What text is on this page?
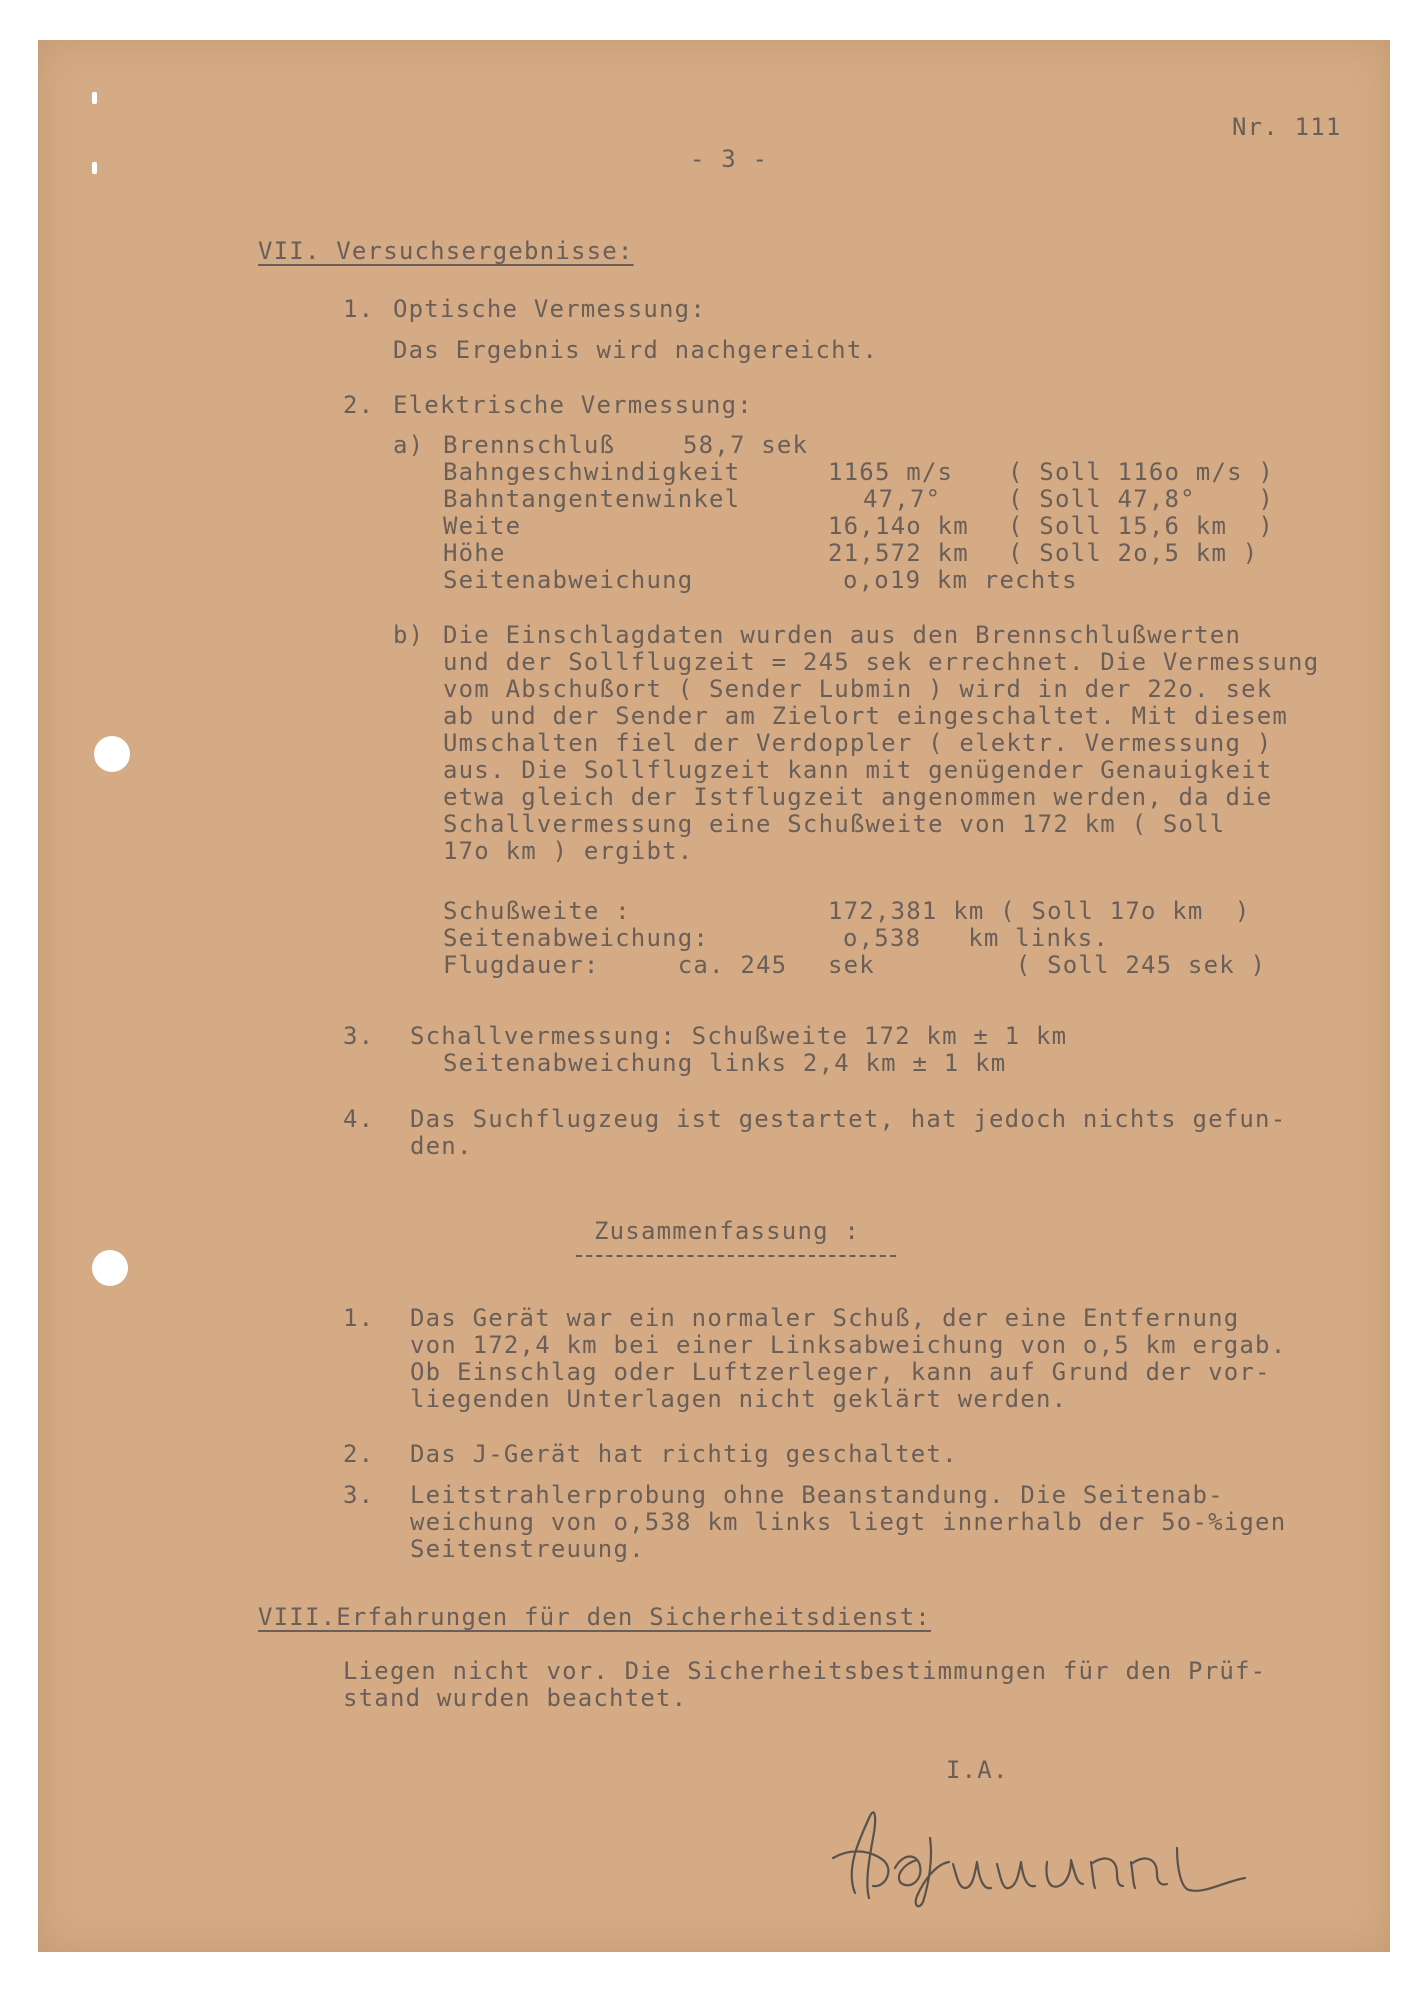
- 3 -

Nr. 111

VII. Versuchsergebnisse:

1. Optische Vermessung:

Das Ergebnis wird nachgereicht.

2. Elektrische Vermessung:

a) Brennschluß	58,7 sek

Bahngeschwindigkeit	1165 m/s ( Soll 116o m/s )

Bahntangentenwinkel	47,7°	( Soll 47,8°    )

Weite	16,14o km ( Soll 15,6 km  )

Höhe	21,572 km ( Soll 2o,5 km )

Seitenabweichung	o,o19 km rechts

b) Die Einschlagdaten wurden aus den Brennschlußwerten

und der Sollflugzeit = 245 sek errechnet. Die Vermessung

vom Abschußort ( Sender Lubmin ) wird in der 22o. sek

ab und der Sender am Zielort eingeschaltet. Mit diesem

Umschalten fiel der Verdoppler ( elektr. Vermessung )

aus. Die Sollflugzeit kann mit genügender Genauigkeit

etwa gleich der Istflugzeit angenommen werden, da die

Schallvermessung eine Schußweite von 172 km ( Soll

17o km ) ergibt.

Schußweite :	172,381 km ( Soll 17o km  )

Seitenabweichung:	o,538   km links.

Flugdauer:     ca. 245 sek         ( Soll 245 sek )

3. Schallvermessung: Schußweite 172 km ± 1 km

Seitenabweichung links 2,4 km ± 1 km

4. Das Suchflugzeug ist gestartet, hat jedoch nichts gefun-

den.

Zusammenfassung :

1. Das Gerät war ein normaler Schuß, der eine Entfernung

von 172,4 km bei einer Linksabweichung von o,5 km ergab.

Ob Einschlag oder Luftzerleger, kann auf Grund der vor-

liegenden Unterlagen nicht geklärt werden.

2. Das J-Gerät hat richtig geschaltet.

3. Leitstrahlerprobung ohne Beanstandung. Die Seitenab-

weichung von o,538 km links liegt innerhalb der 5o-%igen

Seitenstreuung.

VIII.Erfahrungen für den Sicherheitsdienst:

Liegen nicht vor. Die Sicherheitsbestimmungen für den Prüf-

stand wurden beachtet.

I.A.
